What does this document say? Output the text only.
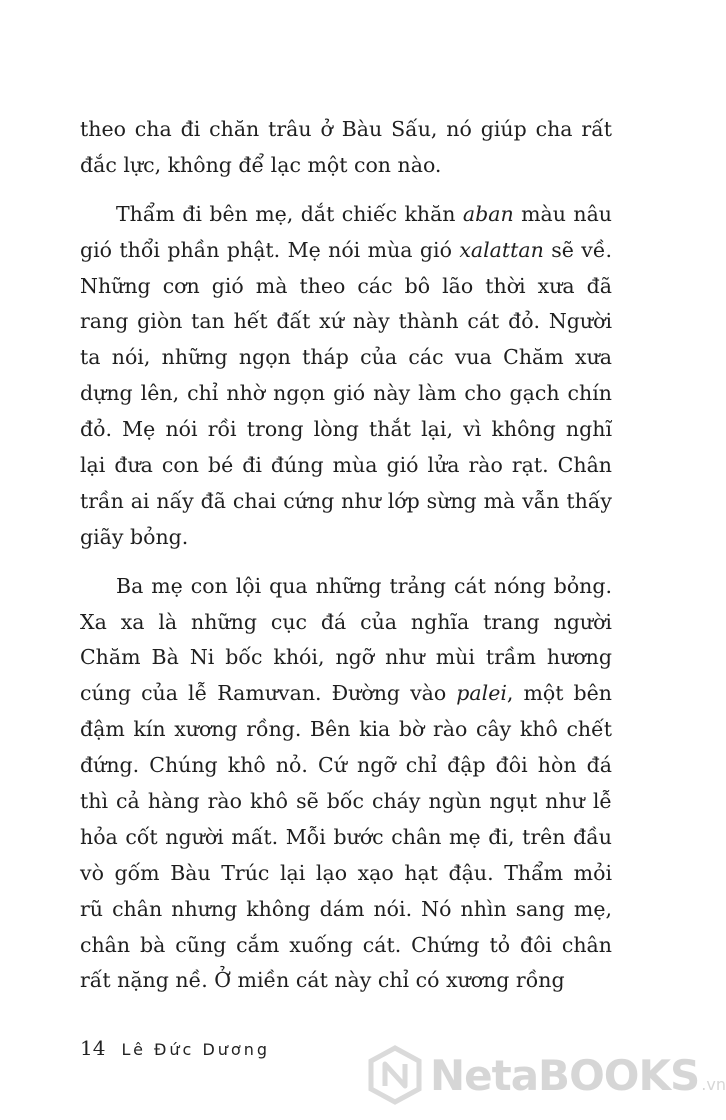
theo cha đi chăn trâu ở Bàu Sấu, nó giúp cha rất
đắc lực, không để lạc một con nào.
Thẩm đi bên mẹ, dắt chiếc khăn aban màu nâu
gió thổi phần phật. Mẹ nói mùa gió xalattan sẽ về.
Những cơn gió mà theo các bô lão thời xưa đã
rang giòn tan hết đất xứ này thành cát đỏ. Người
ta nói, những ngọn tháp của các vua Chăm xưa
dựng lên, chỉ nhờ ngọn gió này làm cho gạch chín
đỏ. Mẹ nói rồi trong lòng thắt lại, vì không nghĩ
lại đưa con bé đi đúng mùa gió lửa rào rạt. Chân
trần ai nấy đã chai cứng như lớp sừng mà vẫn thấy
giãy bỏng.
Ba mẹ con lội qua những trảng cát nóng bỏng.
Xa xa là những cục đá của nghĩa trang người
Chăm Bà Ni bốc khói, ngỡ như mùi trầm hương
cúng của lễ Ramưvan. Đường vào palei, một bên
đậm kín xương rồng. Bên kia bờ rào cây khô chết
đứng. Chúng khô nỏ. Cứ ngỡ chỉ đập đôi hòn đá
thì cả hàng rào khô sẽ bốc cháy ngùn ngụt như lễ
hỏa cốt người mất. Mỗi bước chân mẹ đi, trên đầu
vò gốm Bàu Trúc lại lạo xạo hạt đậu. Thẩm mỏi
rũ chân nhưng không dám nói. Nó nhìn sang mẹ,
chân bà cũng cắm xuống cát. Chứng tỏ đôi chân
rất nặng nề. Ở miền cát này chỉ có xương rồng
14 Lê Đức Dương
NetaBOOKS .vn
